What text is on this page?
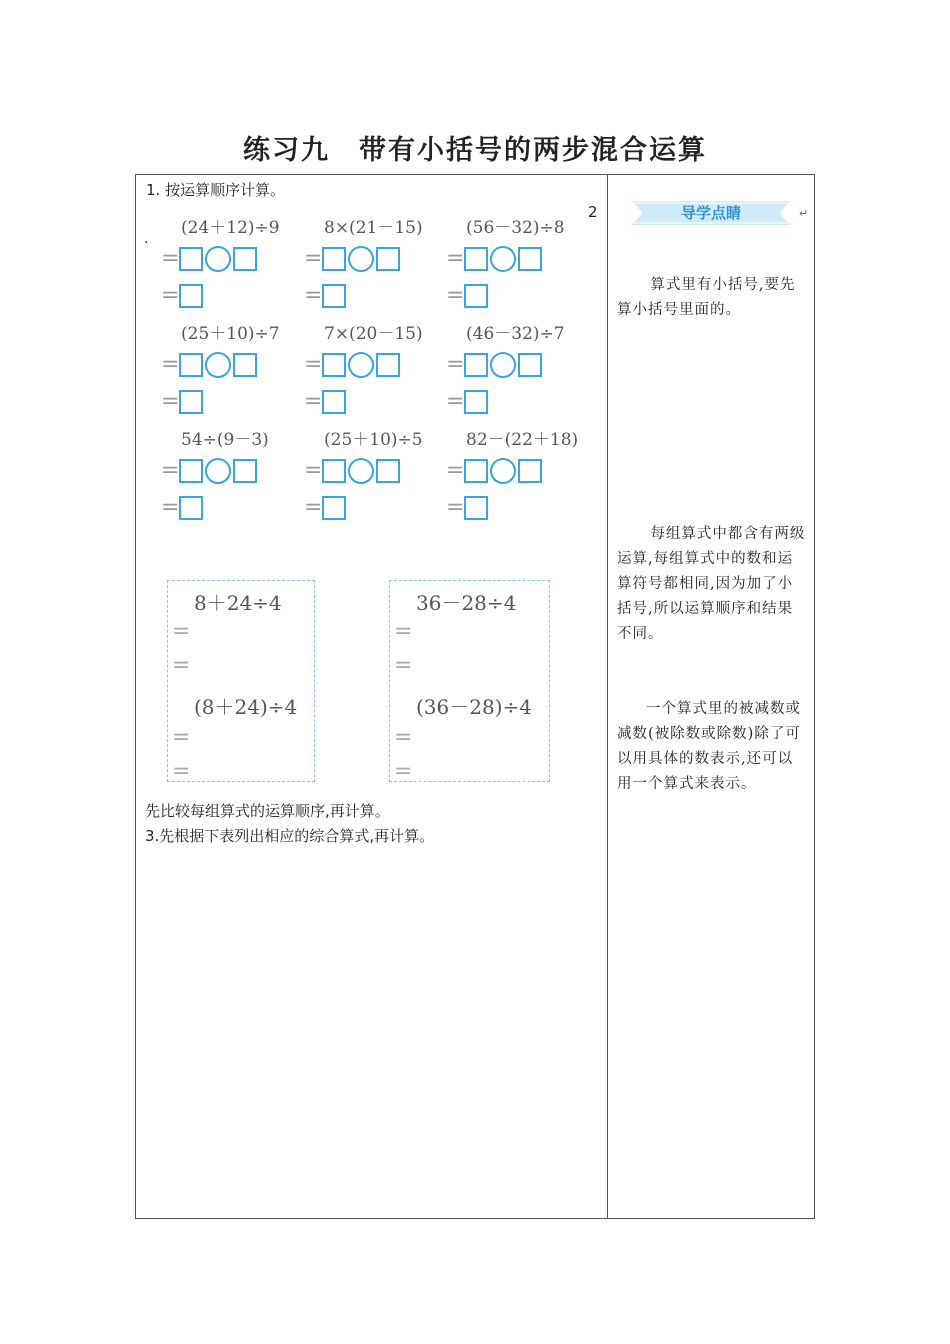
练习九　带有小括号的两步混合运算
1. 按运算顺序计算。
2
.
(24＋12)÷9
=
=
8×(21－15)
=
=
(56－32)÷8
=
=
(25＋10)÷7
=
=
7×(20－15)
=
=
(46－32)÷7
=
=
54÷(9－3)
=
=
(25＋10)÷5
=
=
82－(22＋18)
=
=
8＋24÷4
=
=
(8＋24)÷4
=
=
36－28÷4
=
=
(36－28)÷4
=
=
先比较每组算式的运算顺序,再计算。
3.先根据下表列出相应的综合算式,再计算。
导学点睛	↵
算式里有小括号,要先算小括号里面的。
每组算式中都含有两级运算,每组算式中的数和运算符号都相同,因为加了小括号,所以运算顺序和结果不同。
一个算式里的被减数或减数(被除数或除数)除了可以用具体的数表示,还可以用一个算式来表示。
